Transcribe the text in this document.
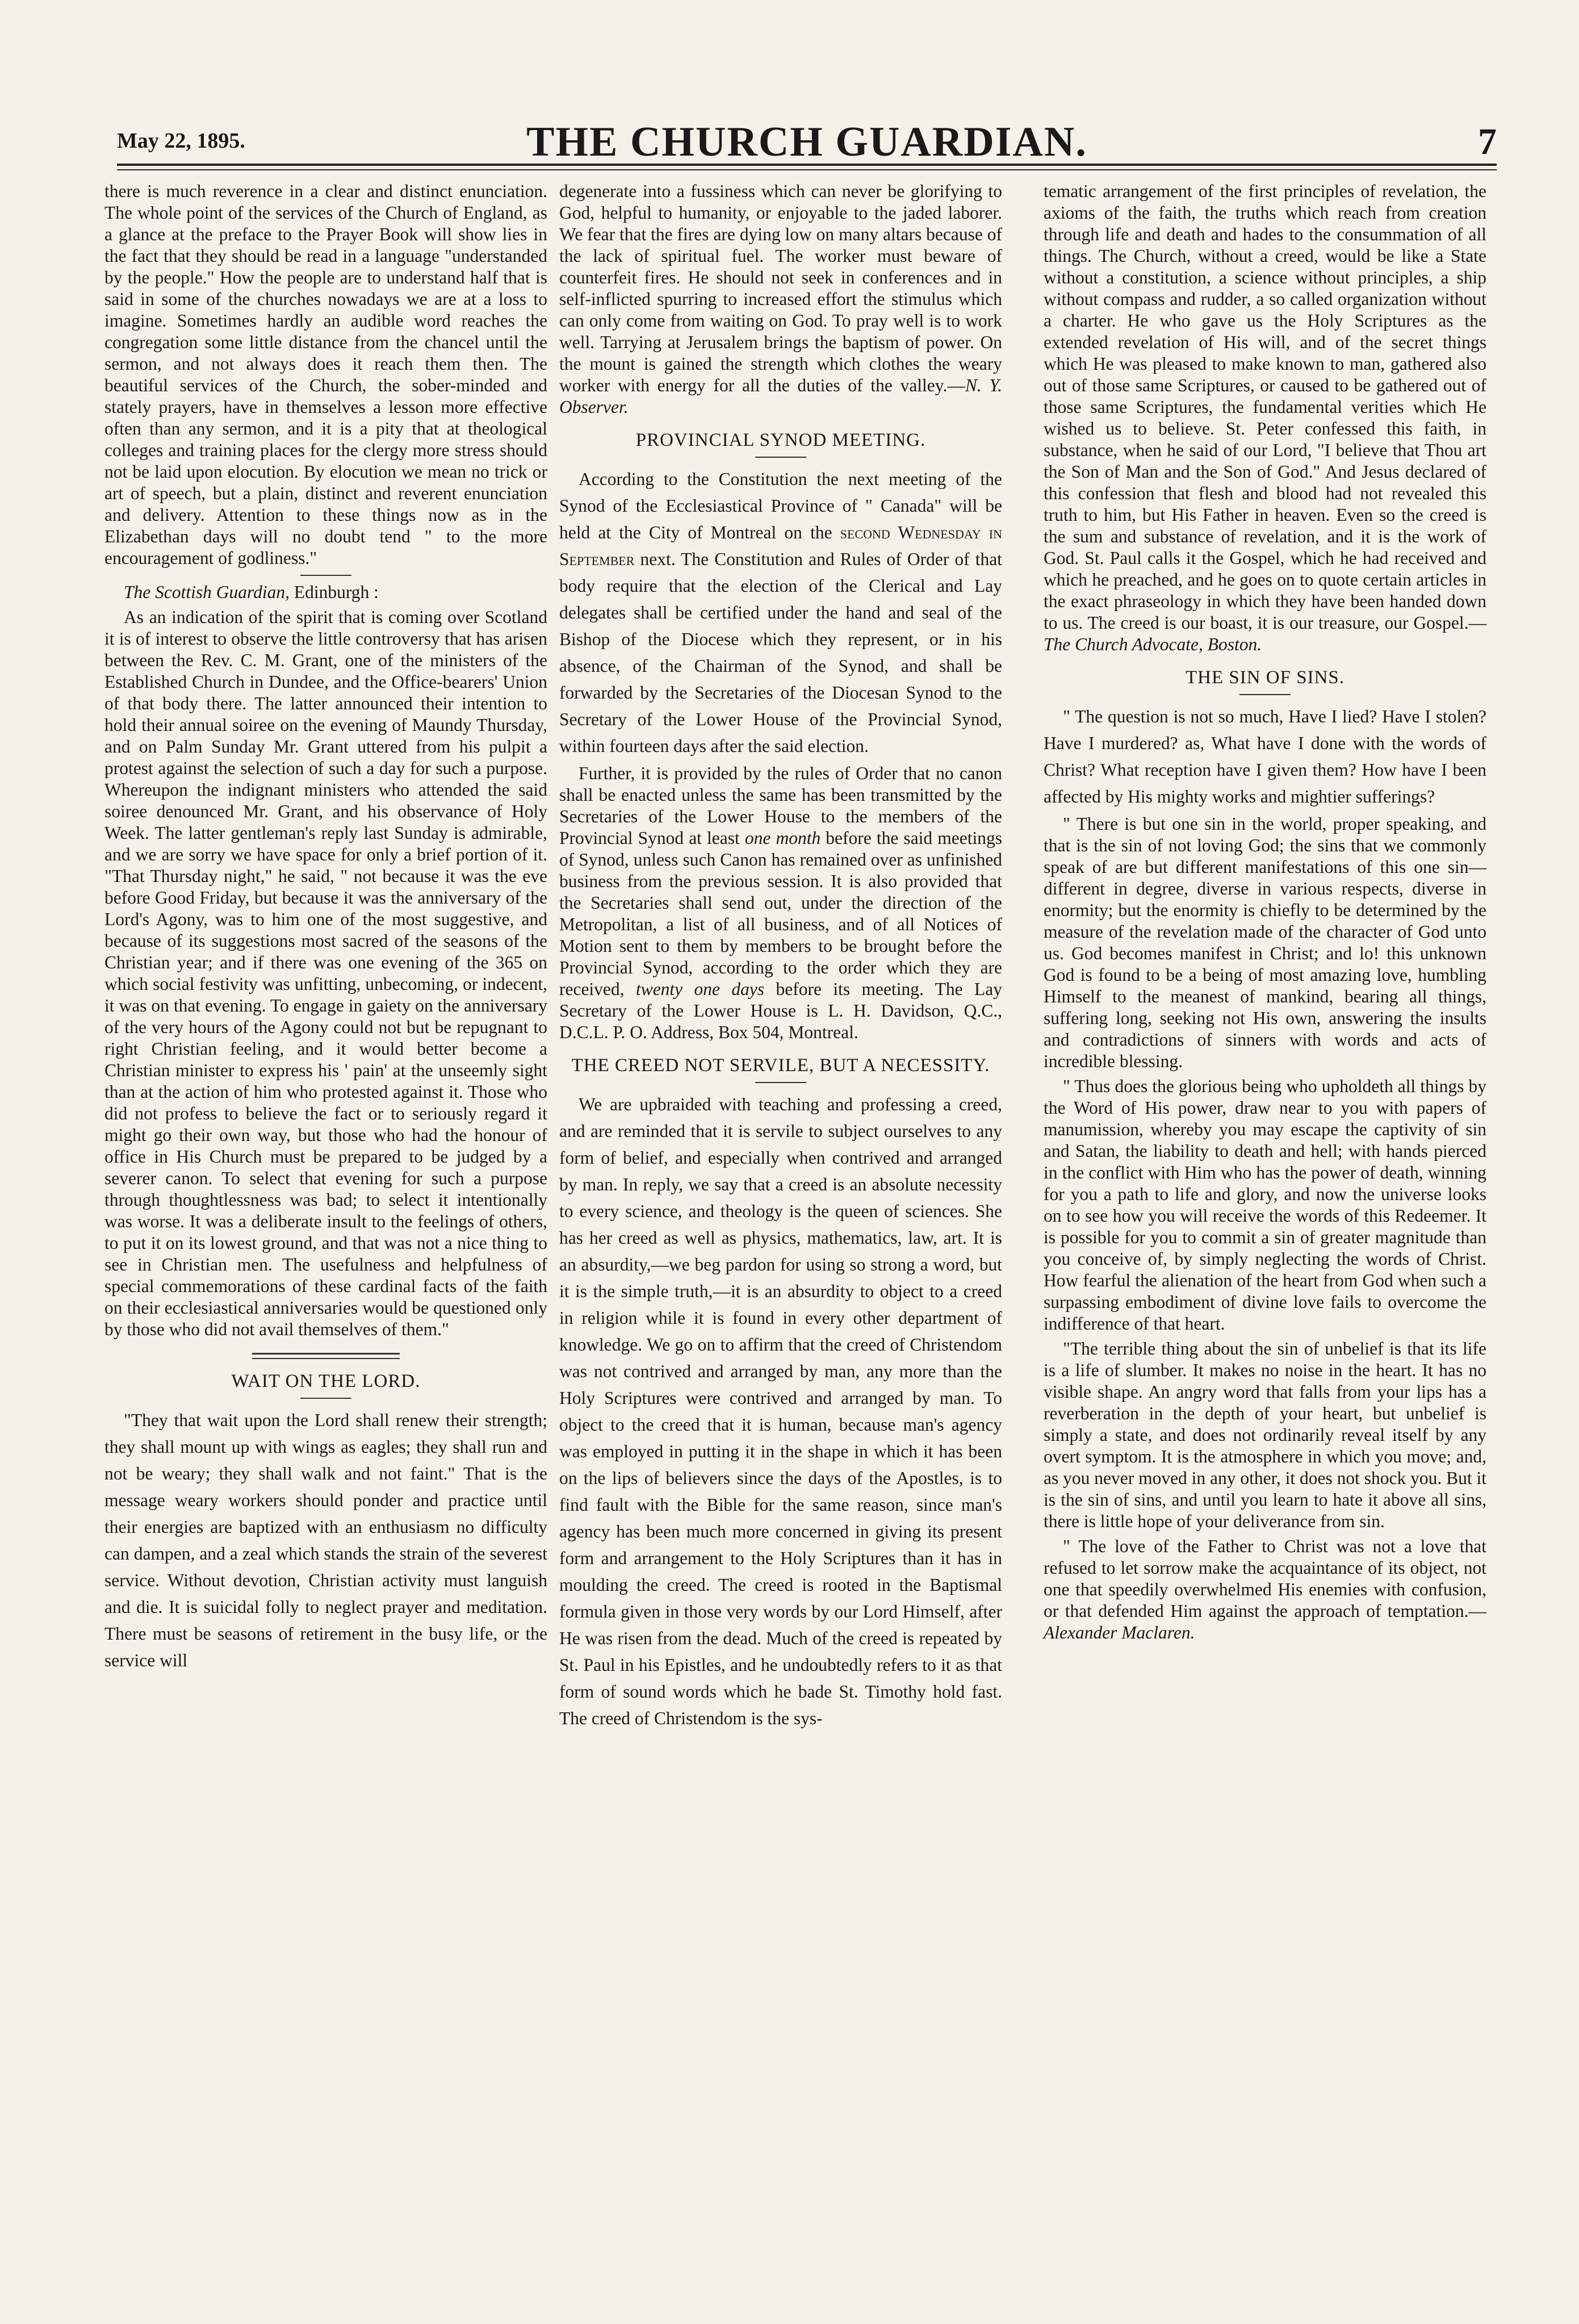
May 22, 1895.	THE CHURCH GUARDIAN.	7

there is much reverence in a clear and distinct enunciation. The whole point of the services of the Church of England, as a glance at the preface to the Prayer Book will show lies in the fact that they should be read in a language "understanded by the people." How the people are to understand half that is said in some of the churches nowadays we are at a loss to imagine. Sometimes hardly an audible word reaches the congregation some little distance from the chancel until the sermon, and not always does it reach them then. The beautiful services of the Church, the sober-minded and stately prayers, have in themselves a lesson more effective often than any sermon, and it is a pity that at theological colleges and training places for the clergy more stress should not be laid upon elocution. By elocution we mean no trick or art of speech, but a plain, distinct and reverent enunciation and delivery. Attention to these things now as in the Elizabethan days will no doubt tend " to the more encouragement of godliness."

The Scottish Guardian, Edinburgh :

As an indication of the spirit that is coming over Scotland it is of interest to observe the little controversy that has arisen between the Rev. C. M. Grant, one of the ministers of the Established Church in Dundee, and the Office-bearers' Union of that body there. The latter announced their intention to hold their annual soiree on the evening of Maundy Thursday, and on Palm Sunday Mr. Grant uttered from his pulpit a protest against the selection of such a day for such a purpose. Whereupon the indignant ministers who attended the said soiree denounced Mr. Grant, and his observance of Holy Week. The latter gentleman's reply last Sunday is admirable, and we are sorry we have space for only a brief portion of it. "That Thursday night," he said, " not because it was the eve before Good Friday, but because it was the anniversary of the Lord's Agony, was to him one of the most suggestive, and because of its suggestions most sacred of the seasons of the Christian year; and if there was one evening of the 365 on which social festivity was unfitting, unbecoming, or indecent, it was on that evening. To engage in gaiety on the anniversary of the very hours of the Agony could not but be repugnant to right Christian feeling, and it would better become a Christian minister to express his ' pain' at the unseemly sight than at the action of him who protested against it. Those who did not profess to believe the fact or to seriously regard it might go their own way, but those who had the honour of office in His Church must be prepared to be judged by a severer canon. To select that evening for such a purpose through thoughtlessness was bad; to select it intentionally was worse. It was a deliberate insult to the feelings of others, to put it on its lowest ground, and that was not a nice thing to see in Christian men. The usefulness and helpfulness of special commemorations of these cardinal facts of the faith on their ecclesiastical anniversaries would be questioned only by those who did not avail themselves of them."

WAIT ON THE LORD.

"They that wait upon the Lord shall renew their strength; they shall mount up with wings as eagles; they shall run and not be weary; they shall walk and not faint." That is the message weary workers should ponder and practice until their energies are baptized with an enthusiasm no difficulty can dampen, and a zeal which stands the strain of the severest service. Without devotion, Christian activity must languish and die. It is suicidal folly to neglect prayer and meditation. There must be seasons of retirement in the busy life, or the service will

degenerate into a fussiness which can never be glorifying to God, helpful to humanity, or enjoyable to the jaded laborer. We fear that the fires are dying low on many altars because of the lack of spiritual fuel. The worker must beware of counterfeit fires. He should not seek in conferences and in self-inflicted spurring to increased effort the stimulus which can only come from waiting on God. To pray well is to work well. Tarrying at Jerusalem brings the baptism of power. On the mount is gained the strength which clothes the weary worker with energy for all the duties of the valley.—N. Y. Observer.

PROVINCIAL SYNOD MEETING.

According to the Constitution the next meeting of the Synod of the Ecclesiastical Province of " Canada" will be held at the City of Montreal on the second Wednesday in September next. The Constitution and Rules of Order of that body require that the election of the Clerical and Lay delegates shall be certified under the hand and seal of the Bishop of the Diocese which they represent, or in his absence, of the Chairman of the Synod, and shall be forwarded by the Secretaries of the Diocesan Synod to the Secretary of the Lower House of the Provincial Synod, within fourteen days after the said election.

Further, it is provided by the rules of Order that no canon shall be enacted unless the same has been transmitted by the Secretaries of the Lower House to the members of the Provincial Synod at least one month before the said meetings of Synod, unless such Canon has remained over as unfinished business from the previous session. It is also provided that the Secretaries shall send out, under the direction of the Metropolitan, a list of all business, and of all Notices of Motion sent to them by members to be brought before the Provincial Synod, according to the order which they are received, twenty one days before its meeting. The Lay Secretary of the Lower House is L. H. Davidson, Q.C., D.C.L. P. O. Address, Box 504, Montreal.

THE CREED NOT SERVILE, BUT A NECESSITY.

We are upbraided with teaching and professing a creed, and are reminded that it is servile to subject ourselves to any form of belief, and especially when contrived and arranged by man. In reply, we say that a creed is an absolute necessity to every science, and theology is the queen of sciences. She has her creed as well as physics, mathematics, law, art. It is an absurdity,—we beg pardon for using so strong a word, but it is the simple truth,—it is an absurdity to object to a creed in religion while it is found in every other department of knowledge. We go on to affirm that the creed of Christendom was not contrived and arranged by man, any more than the Holy Scriptures were contrived and arranged by man. To object to the creed that it is human, because man's agency was employed in putting it in the shape in which it has been on the lips of believers since the days of the Apostles, is to find fault with the Bible for the same reason, since man's agency has been much more concerned in giving its present form and arrangement to the Holy Scriptures than it has in moulding the creed. The creed is rooted in the Baptismal formula given in those very words by our Lord Himself, after He was risen from the dead. Much of the creed is repeated by St. Paul in his Epistles, and he undoubtedly refers to it as that form of sound words which he bade St. Timothy hold fast. The creed of Christendom is the sys-

tematic arrangement of the first principles of revelation, the axioms of the faith, the truths which reach from creation through life and death and hades to the consummation of all things. The Church, without a creed, would be like a State without a constitution, a science without principles, a ship without compass and rudder, a so called organization without a charter. He who gave us the Holy Scriptures as the extended revelation of His will, and of the secret things which He was pleased to make known to man, gathered also out of those same Scriptures, or caused to be gathered out of those same Scriptures, the fundamental verities which He wished us to believe. St. Peter confessed this faith, in substance, when he said of our Lord, "I believe that Thou art the Son of Man and the Son of God." And Jesus declared of this confession that flesh and blood had not revealed this truth to him, but His Father in heaven. Even so the creed is the sum and substance of revelation, and it is the work of God. St. Paul calls it the Gospel, which he had received and which he preached, and he goes on to quote certain articles in the exact phraseology in which they have been handed down to us. The creed is our boast, it is our treasure, our Gospel.—The Church Advocate, Boston.

THE SIN OF SINS.

" The question is not so much, Have I lied? Have I stolen? Have I murdered? as, What have I done with the words of Christ? What reception have I given them? How have I been affected by His mighty works and mightier sufferings?

" There is but one sin in the world, proper speaking, and that is the sin of not loving God; the sins that we commonly speak of are but different manifestations of this one sin—different in degree, diverse in various respects, diverse in enormity; but the enormity is chiefly to be determined by the measure of the revelation made of the character of God unto us. God becomes manifest in Christ; and lo! this unknown God is found to be a being of most amazing love, humbling Himself to the meanest of mankind, bearing all things, suffering long, seeking not His own, answering the insults and contradictions of sinners with words and acts of incredible blessing.

" Thus does the glorious being who upholdeth all things by the Word of His power, draw near to you with papers of manumission, whereby you may escape the captivity of sin and Satan, the liability to death and hell; with hands pierced in the conflict with Him who has the power of death, winning for you a path to life and glory, and now the universe looks on to see how you will receive the words of this Redeemer. It is possible for you to commit a sin of greater magnitude than you conceive of, by simply neglecting the words of Christ. How fearful the alienation of the heart from God when such a surpassing embodiment of divine love fails to overcome the indifference of that heart.

"The terrible thing about the sin of unbelief is that its life is a life of slumber. It makes no noise in the heart. It has no visible shape. An angry word that falls from your lips has a reverberation in the depth of your heart, but unbelief is simply a state, and does not ordinarily reveal itself by any overt symptom. It is the atmosphere in which you move; and, as you never moved in any other, it does not shock you. But it is the sin of sins, and until you learn to hate it above all sins, there is little hope of your deliverance from sin.

" The love of the Father to Christ was not a love that refused to let sorrow make the acquaintance of its object, not one that speedily overwhelmed His enemies with confusion, or that defended Him against the approach of temptation.—Alexander Maclaren.
